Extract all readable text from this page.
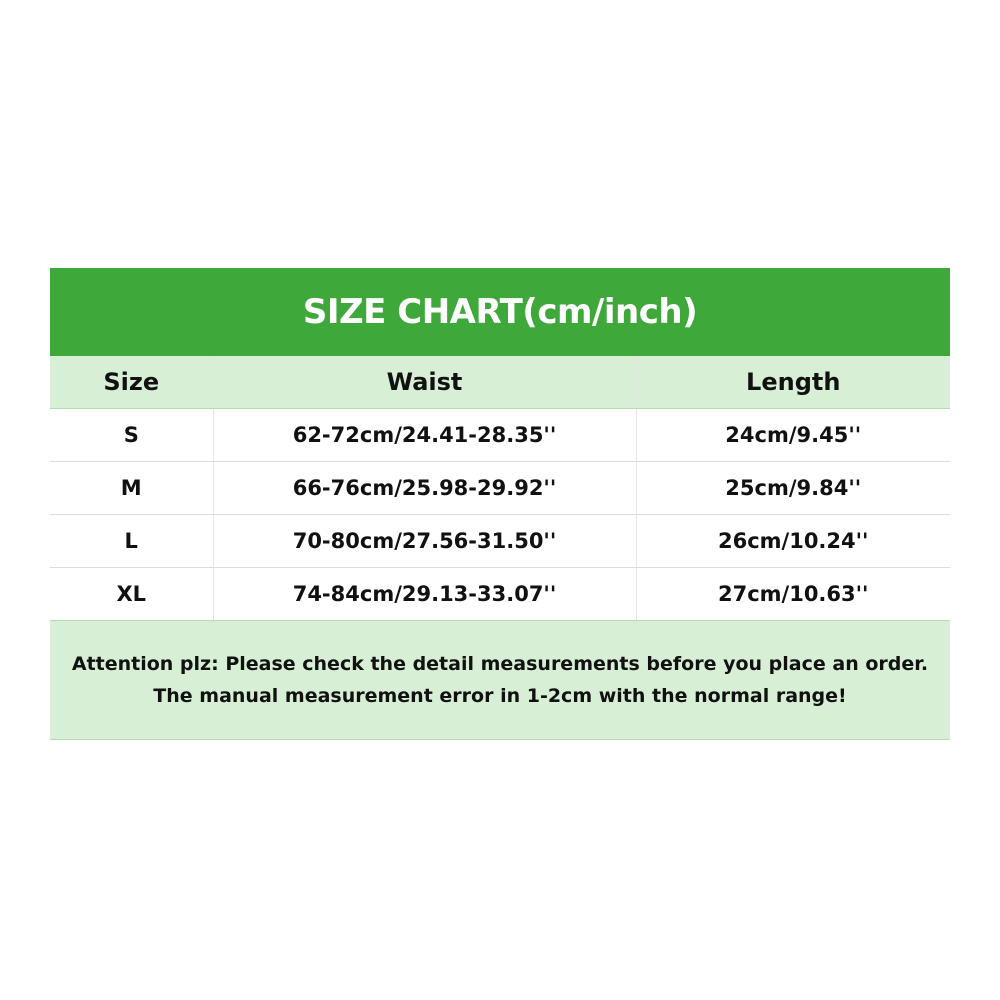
SIZE CHART(cm/inch)
Size	Waist	Length
S	62-72cm/24.41-28.35''	24cm/9.45''
M	66-76cm/25.98-29.92''	25cm/9.84''
L	70-80cm/27.56-31.50''	26cm/10.24''
XL	74-84cm/29.13-33.07''	27cm/10.63''
Attention plz: Please check the detail measurements before you place an order.
The manual measurement error in 1-2cm with the normal range!
